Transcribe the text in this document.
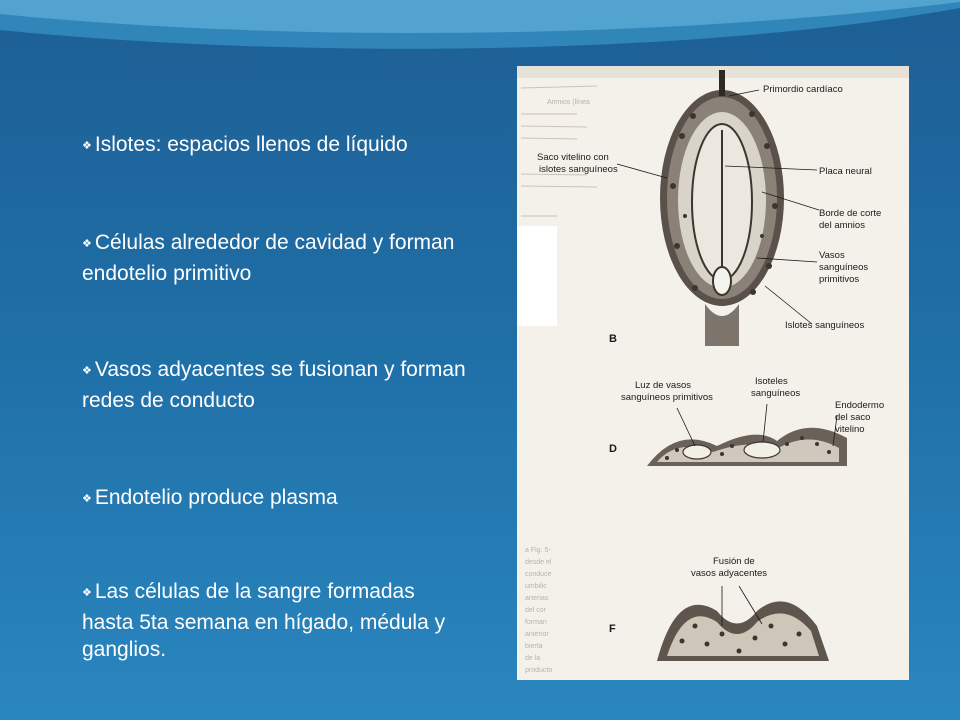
❖ Islotes: espacios llenos de líquido
❖ Células alrededor de cavidad y forman endotelio primitivo
❖ Vasos adyacentes se fusionan y forman redes de conducto
❖ Endotelio produce plasma
❖ Las células de la sangre formadas hasta 5ta semana en hígado, médula y ganglios.
Amnios (línea
Primordio cardíaco
Saco vitelino con
islotes sanguíneos	Placa neural
Borde de corte
del amnios
Vasos
sanguíneos
primitivos
Islotes sanguíneos
B
Luz de vasos
sanguíneos primitivos
Isoteles
sanguíneos
Endodermo
del saco
vitelino
D
a Fig. 5-
desde el
conduce
umbilic
arterias
del cor
forman
anterior
bierta
de la
producto
Fusión de
vasos adyacentes
F
